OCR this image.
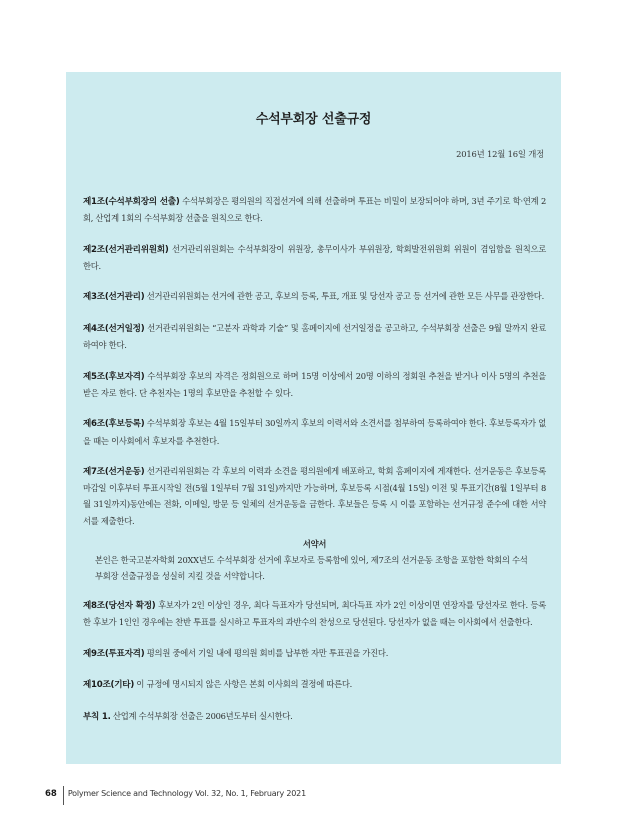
수석부회장 선출규정
2016년 12월 16일 개정

제1조(수석부회장의 선출) 수석부회장은 평의원의 직접선거에 의해 선출하며 투표는 비밀이 보장되어야 하며, 3년 주기로 학·연계 2회, 산업계 1회의 수석부회장 선출을 원칙으로 한다.

제2조(선거관리위원회) 선거관리위원회는 수석부회장이 위원장, 총무이사가 부위원장, 학회발전위원회 위원이 겸임함을 원칙으로 한다.

제3조(선거관리) 선거관리위원회는 선거에 관한 공고, 후보의 등록, 투표, 개표 및 당선자 공고 등 선거에 관한 모든 사무를 관장한다.

제4조(선거일정) 선거관리위원회는 “고분자 과학과 기술” 및 홈페이지에 선거일정을 공고하고, 수석부회장 선출은 9월 말까지 완료하여야 한다.

제5조(후보자격) 수석부회장 후보의 자격은 정회원으로 하며 15명 이상에서 20명 이하의 정회원 추천을 받거나 이사 5명의 추천을 받은 자로 한다. 단 추천자는 1명의 후보만을 추천할 수 있다.

제6조(후보등록) 수석부회장 후보는 4월 15일부터 30일까지 후보의 이력서와 소견서를 첨부하여 등록하여야 한다. 후보등록자가 없을 때는 이사회에서 후보자를 추천한다.

제7조(선거운동) 선거관리위원회는 각 후보의 이력과 소견을 평의원에게 배포하고, 학회 홈페이지에 게재한다. 선거운동은 후보등록 마감일 이후부터 투표시작일 전(5월 1일부터 7월 31일)까지만 가능하며, 후보등록 시점(4월 15일) 이전 및 투표기간(8월 1일부터 8월 31일까지)동안에는 전화, 이메일, 방문 등 일체의 선거운동을 금한다. 후보들은 등록 시 이를 포함하는 선거규정 준수에 대한 서약서를 제출한다.

서약서
본인은 한국고분자학회 20XX년도 수석부회장 선거에 후보자로 등록함에 있어, 제7조의 선거운동 조항을 포함한 학회의 수석부회장 선출규정을 성실히 지킬 것을 서약합니다.

제8조(당선자 확정) 후보자가 2인 이상인 경우, 최다 득표자가 당선되며, 최다득표 자가 2인 이상이면 연장자를 당선자로 한다. 등록한 후보가 1인인 경우에는 찬반 투표를 실시하고 투표자의 과반수의 찬성으로 당선된다. 당선자가 없을 때는 이사회에서 선출한다.

제9조(투표자격) 평의원 중에서 기일 내에 평의원 회비를 납부한 자만 투표권을 가진다.

제10조(기타) 이 규정에 명시되지 않은 사항은 본회 이사회의 결정에 따른다.

부칙 1. 산업계 수석부회장 선출은 2006년도부터 실시한다.

68 Polymer Science and Technology Vol. 32, No. 1, February 2021
